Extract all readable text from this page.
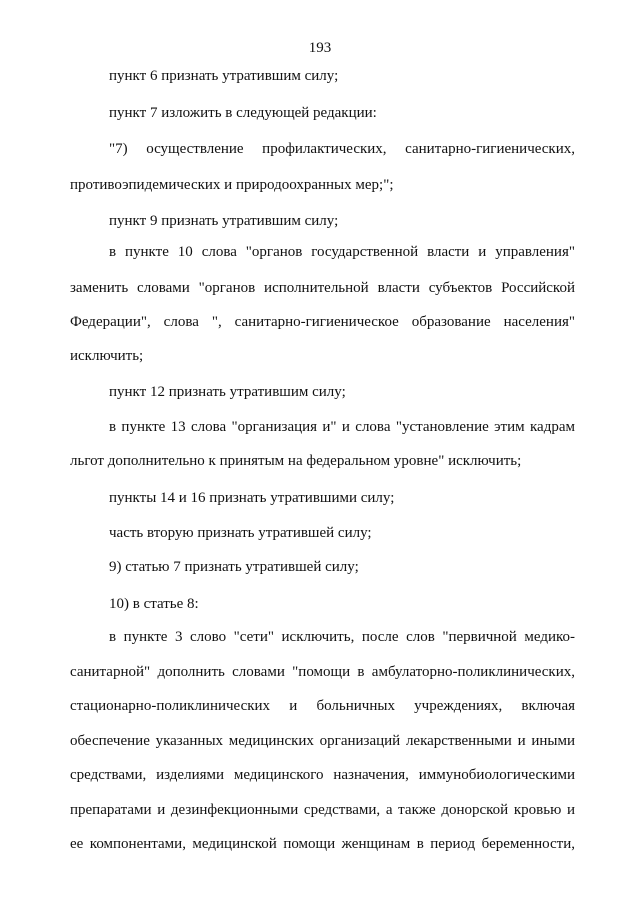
193
пункт 6 признать утратившим силу;
пункт 7 изложить в следующей редакции:
"7) осуществление профилактических, санитарно-гигиенических,
противоэпидемических и природоохранных мер;";
пункт 9 признать утратившим силу;
в пункте 10 слова "органов государственной власти и управления"
заменить словами "органов исполнительной власти субъектов Российской
Федерации", слова ", санитарно-гигиеническое образование населения"
исключить;
пункт 12 признать утратившим силу;
в пункте 13 слова "организация и" и слова "установление этим кадрам
льгот дополнительно к принятым на федеральном уровне" исключить;
пункты 14 и 16 признать утратившими силу;
часть вторую признать утратившей силу;
9) статью 7 признать утратившей силу;
10) в статье 8:
в пункте 3 слово "сети" исключить, после слов "первичной медико-
санитарной" дополнить словами "помощи в амбулаторно-поликлинических,
стационарно-поликлинических и больничных учреждениях, включая
обеспечение указанных медицинских организаций лекарственными и иными
средствами, изделиями медицинского назначения, иммунобиологическими
препаратами и дезинфекционными средствами, а также донорской кровью и
ее компонентами, медицинской помощи женщинам в период беременности,
